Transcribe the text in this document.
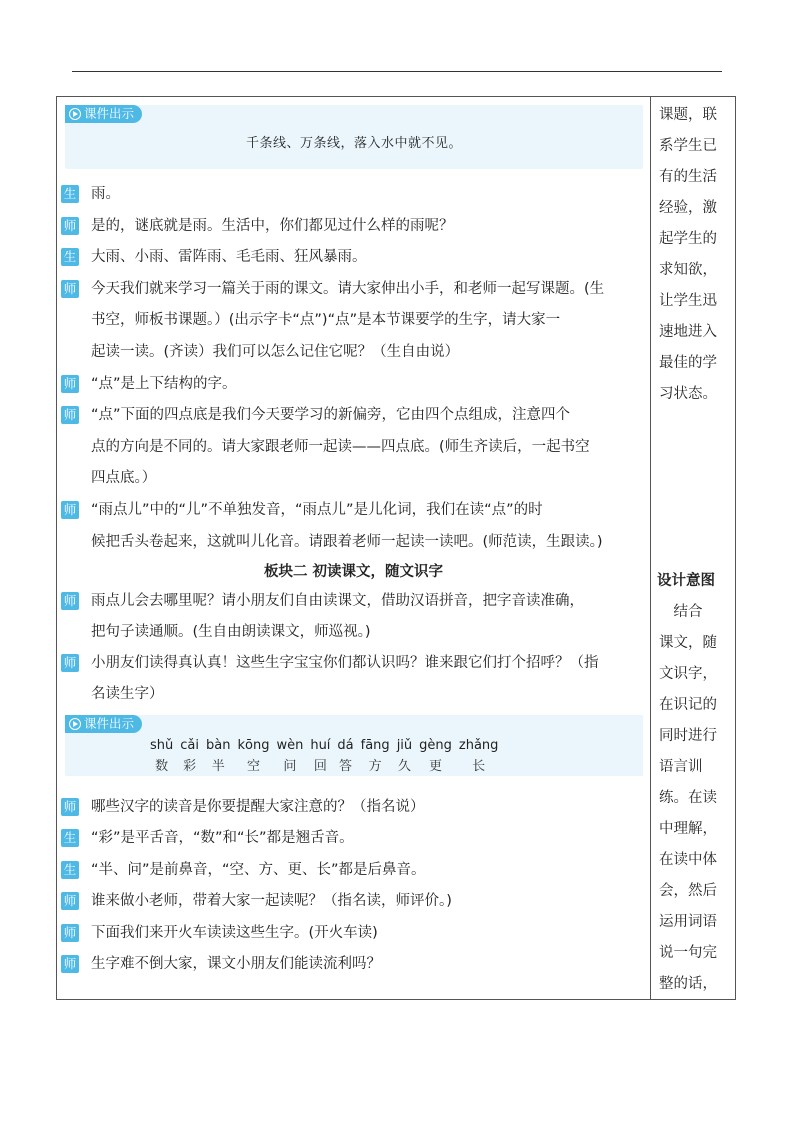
课件出示
千条线、万条线，落入水中就不见。
生 雨。
师 是的，谜底就是雨。生活中，你们都见过什么样的雨呢？
生 大雨、小雨、雷阵雨、毛毛雨、狂风暴雨。
师 今天我们就来学习一篇关于雨的课文。请大家伸出小手，和老师一起写课题。(生
书空，师板书课题。）(出示字卡“点”)“点”是本节课要学的生字，请大家一
起读一读。(齐读）我们可以怎么记住它呢？（生自由说）
师 “点”是上下结构的字。
师 “点”下面的四点底是我们今天要学习的新偏旁，它由四个点组成，注意四个
点的方向是不同的。请大家跟老师一起读——四点底。(师生齐读后，一起书空
四点底。）
师 “雨点儿”中的“儿”不单独发音，“雨点儿”是儿化词，我们在读“点”的时
候把舌头卷起来，这就叫儿化音。请跟着老师一起读一读吧。(师范读，生跟读。)
板块二 初读课文，随文识字
师 雨点儿会去哪里呢？请小朋友们自由读课文，借助汉语拼音，把字音读准确，
把句子读通顺。(生自由朗读课文，师巡视。)
师 小朋友们读得真认真！这些生字宝宝你们都认识吗？谁来跟它们打个招呼？（指
名读生字）
课件出示
shǔ
数
cǎi
彩
bàn
半
kōng
空
wèn
问
huí
回
dá
答
fāng
方
jiǔ
久
gèng
更
zhǎng
长
师 哪些汉字的读音是你要提醒大家注意的？（指名说）
生 “彩”是平舌音，“数”和“长”都是翘舌音。
生 “半、问”是前鼻音，“空、方、更、长”都是后鼻音。
师 谁来做小老师，带着大家一起读呢？（指名读，师评价。)
师 下面我们来开火车读读这些生字。(开火车读)
师 生字难不倒大家，课文小朋友们能读流利吗？
课题，联
系学生已
有的生活
经验，激
起学生的
求知欲，
让学生迅
速地进入
最佳的学
习状态。
设计意图
　结合
课文，随
文识字，
在识记的
同时进行
语言训
练。在读
中理解，
在读中体
会，然后
运用词语
说一句完
整的话，
